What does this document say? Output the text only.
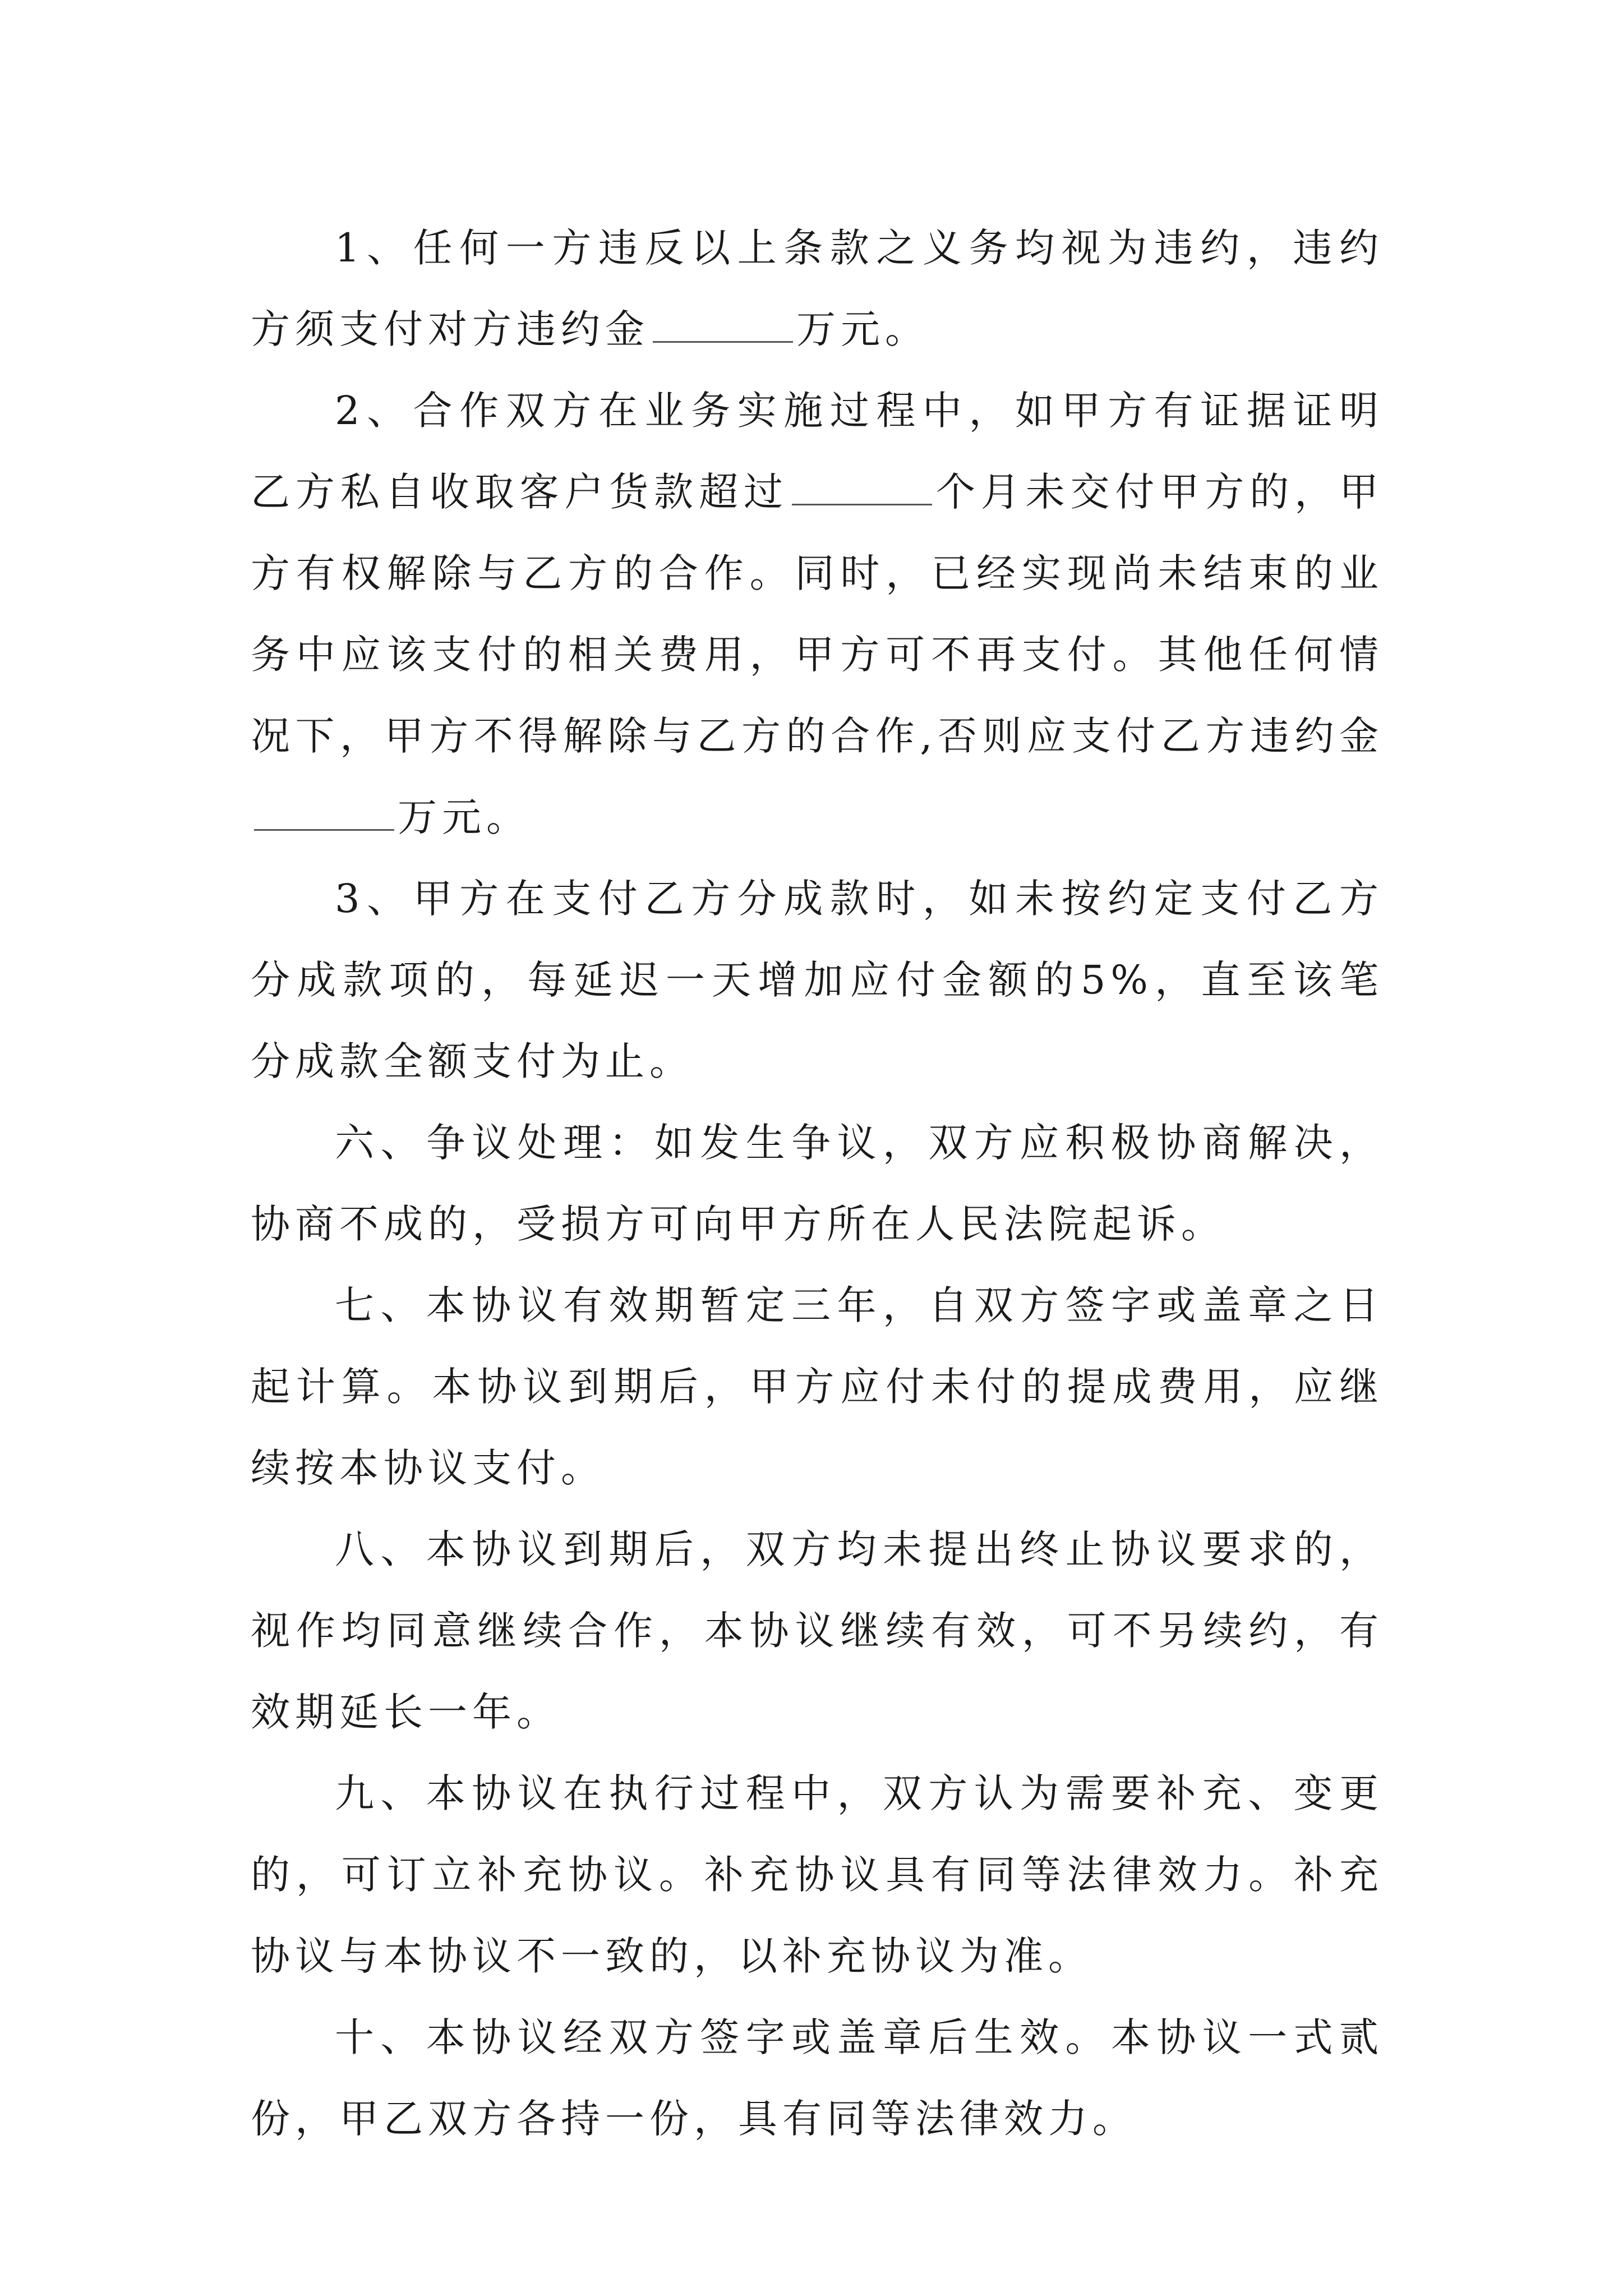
1、任何一方违反以上条款之义务均视为违约，违约方须支付对方违约金	万元。

2、合作双方在业务实施过程中，如甲方有证据证明乙方私自收取客户货款超过	个月未交付甲方的，甲方有权解除与乙方的合作。同时，已经实现尚未结束的业务中应该支付的相关费用，甲方可不再支付。其他任何情况下，甲方不得解除与乙方的合作,否则应支付乙方违约金万元。

3、甲方在支付乙方分成款时，如未按约定支付乙方分成款项的，每延迟一天增加应付金额的5%，直至该笔分成款全额支付为止。

六、争议处理：如发生争议，双方应积极协商解决，协商不成的，受损方可向甲方所在人民法院起诉。

七、本协议有效期暂定三年，自双方签字或盖章之日起计算。本协议到期后，甲方应付未付的提成费用，应继续按本协议支付。

八、本协议到期后，双方均未提出终止协议要求的，视作均同意继续合作，本协议继续有效，可不另续约，有效期延长一年。

九、本协议在执行过程中，双方认为需要补充、变更的，可订立补充协议。补充协议具有同等法律效力。补充协议与本协议不一致的，以补充协议为准。

十、本协议经双方签字或盖章后生效。本协议一式贰份，甲乙双方各持一份，具有同等法律效力。
